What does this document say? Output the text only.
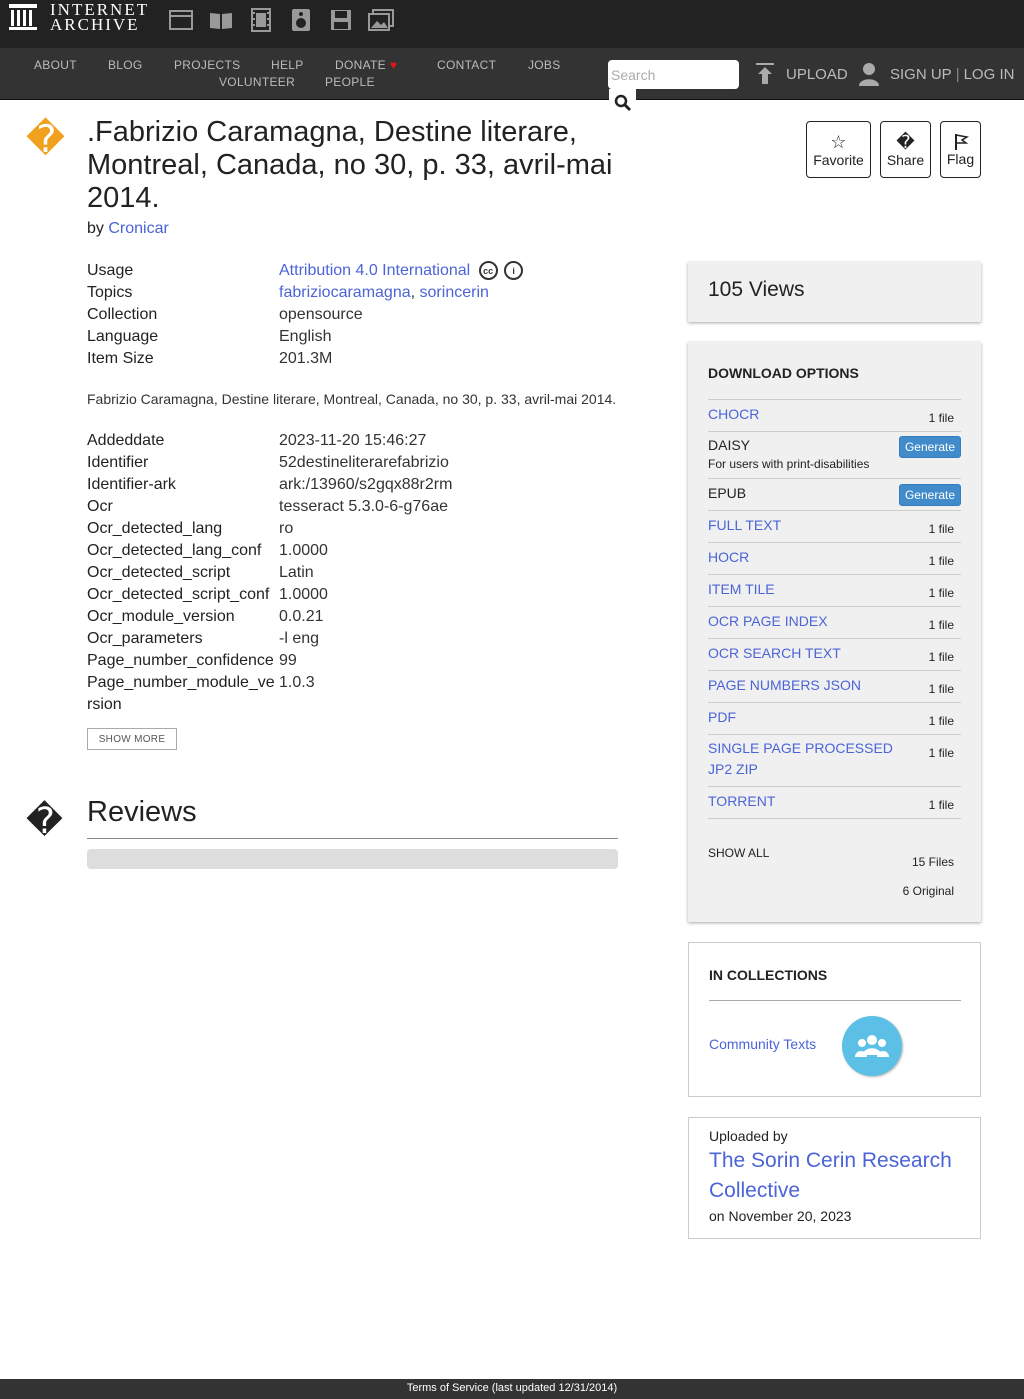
INTERNET
ARCHIVE
ABOUT	BLOG	PROJECTS	HELP	DONATE ♥	CONTACT	JOBS
VOLUNTEER PEOPLE
Search	UPLOAD	SIGN UP | LOG IN
� .Fabrizio Caramagna, Destine literare, Montreal, Canada, no 30, p. 33, avril-mai 2014.
by Cronicar
☆
Favorite
�
Share Flag
Usage	Attribution 4.0 International cc i
Topics	fabriziocaramagna, sorincerin
Collection	opensource
Language	English
Item Size	201.3M
Fabrizio Caramagna, Destine literare, Montreal, Canada, no 30, p. 33, avril-mai 2014.
Addeddate	2023-11-20 15:46:27
Identifier	52destineliterarefabrizio
Identifier-ark	ark:/13960/s2gqx88r2rm
Ocr	tesseract 5.3.0-6-g76ae
Ocr_detected_lang	ro
Ocr_detected_lang_conf	1.0000
Ocr_detected_script	Latin
Ocr_detected_script_conf 1.0000
Ocr_module_version	0.0.21
Ocr_parameters	-l eng
Page_number_confidence 99
Page_number_module_ve 1.0.3
rsion
SHOW MORE
� Reviews
105 Views
DOWNLOAD OPTIONS
CHOCR	1 file
DAISY	Generate
For users with print-disabilities
EPUB	Generate
FULL TEXT	1 file
HOCR	1 file
ITEM TILE	1 file
OCR PAGE INDEX	1 file
OCR SEARCH TEXT	1 file
PAGE NUMBERS JSON	1 file
PDF	1 file
SINGLE PAGE PROCESSED
JP2 ZIP
1 file
TORRENT	1 file
SHOW ALL
15 Files
6 Original
IN COLLECTIONS
Community Texts
Uploaded by
The Sorin Cerin Research Collective
on November 20, 2023
Terms of Service (last updated 12/31/2014)
